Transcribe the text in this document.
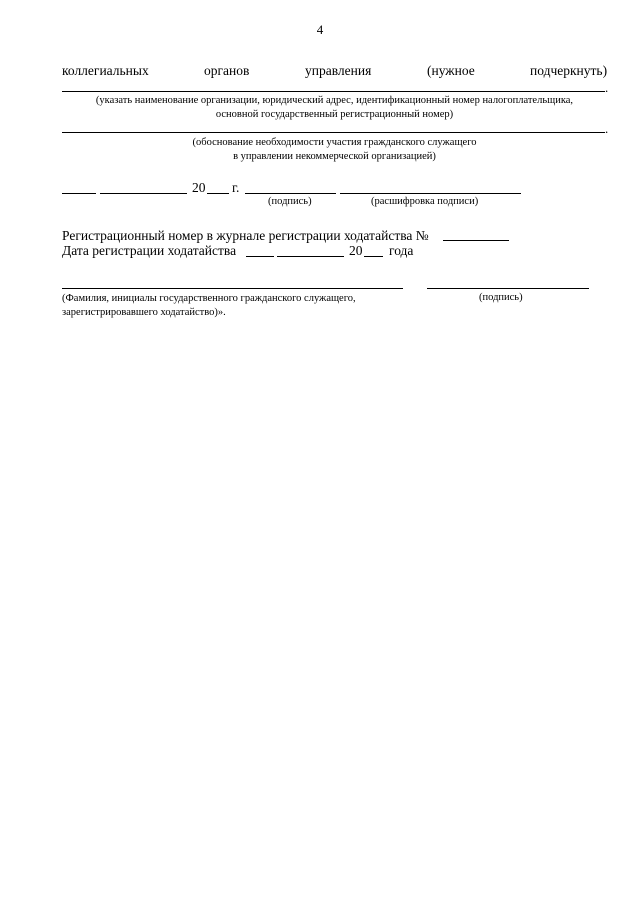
4
коллегиальных	органов	управления	(нужное	подчеркнуть)
.
(указать наименование организации, юридический адрес, идентификационный номер налогоплательщика,
основной государственный регистрационный номер)
.
(обоснование необходимости участия гражданского служащего
в управлении некоммерческой организацией)
20 г.
(подпись)	(расшифровка подписи)
Регистрационный номер в журнале регистрации ходатайства №
Дата регистрации ходатайства	20 года
(Фамилия, инициалы государственного гражданского служащего,
зарегистрировавшего ходатайство)».
(подпись)
